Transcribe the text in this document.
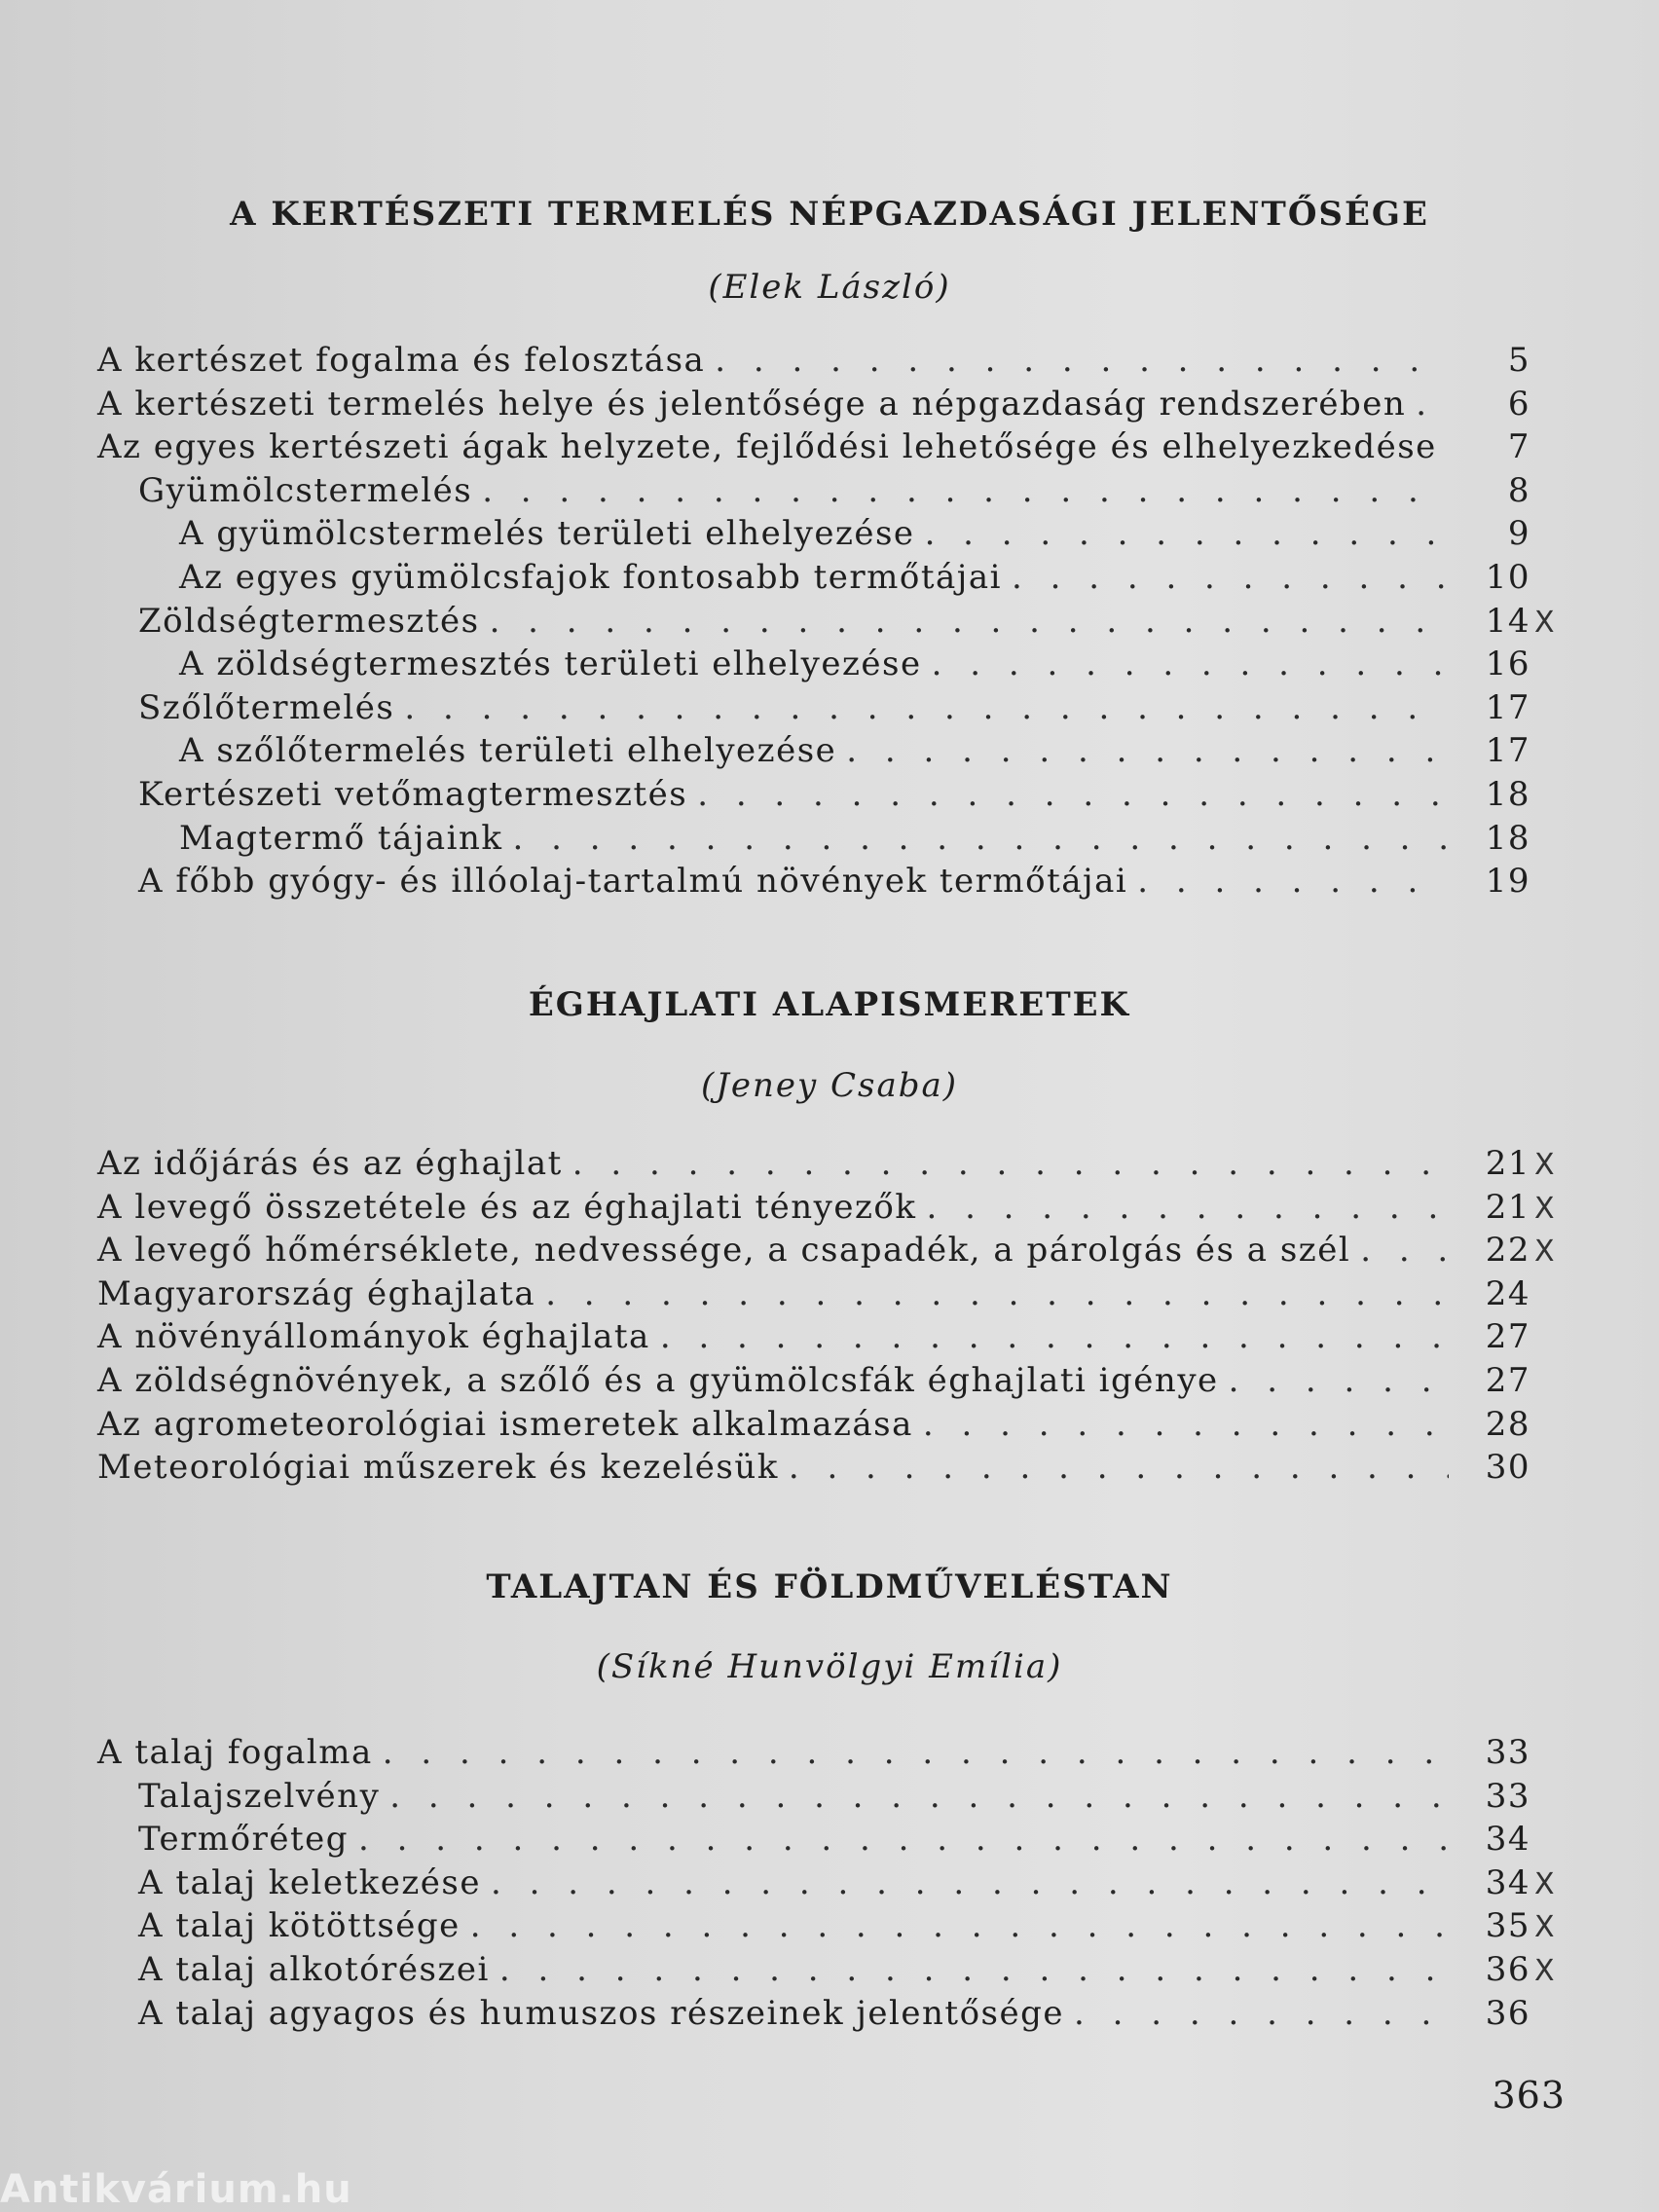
A KERTÉSZETI TERMELÉS NÉPGAZDASÁGI JELENTŐSÉGE
(Elek László)
A kertészet fogalma és felosztása . . .	5
A kertészeti termelés helye és jelentősége a népgazdaság rendszerében . . .	6
Az egyes kertészeti ágak helyzete, fejlődési lehetősége és elhelyezkedése . . .	7
Gyümölcstermelés . . .	8
A gyümölcstermelés területi elhelyezése . . .	9
Az egyes gyümölcsfajok fontosabb termőtájai . . .	10
Zöldségtermesztés . . .	14 X
A zöldségtermesztés területi elhelyezése . . .	16
Szőlőtermelés . . .	17
A szőlőtermelés területi elhelyezése . . .	17
Kertészeti vetőmagtermesztés . . .	18
Magtermő tájaink . . .	18
A főbb gyógy- és illóolaj-tartalmú növények termőtájai . . .	19
ÉGHAJLATI ALAPISMERETEK
(Jeney Csaba)
Az időjárás és az éghajlat . . .	21 X
A levegő összetétele és az éghajlati tényezők . . .	21 X
A levegő hőmérséklete, nedvessége, a csapadék, a párolgás és a szél . . .	22 X
Magyarország éghajlata . . .	24
A növényállományok éghajlata . . .	27
A zöldségnövények, a szőlő és a gyümölcsfák éghajlati igénye . . .	27
Az agrometeorológiai ismeretek alkalmazása . . .	28
Meteorológiai műszerek és kezelésük . . .	30
TALAJTAN ÉS FÖLDMŰVELÉSTAN
(Síkné Hunvölgyi Emília)
A talaj fogalma . . .	33
Talajszelvény . . .	33
Termőréteg . . .	34
A talaj keletkezése . . .	34 X
A talaj kötöttsége . . .	35 X
A talaj alkotórészei . . .	36 X
A talaj agyagos és humuszos részeinek jelentősége . . .	36
363
Antikvárium.hu
